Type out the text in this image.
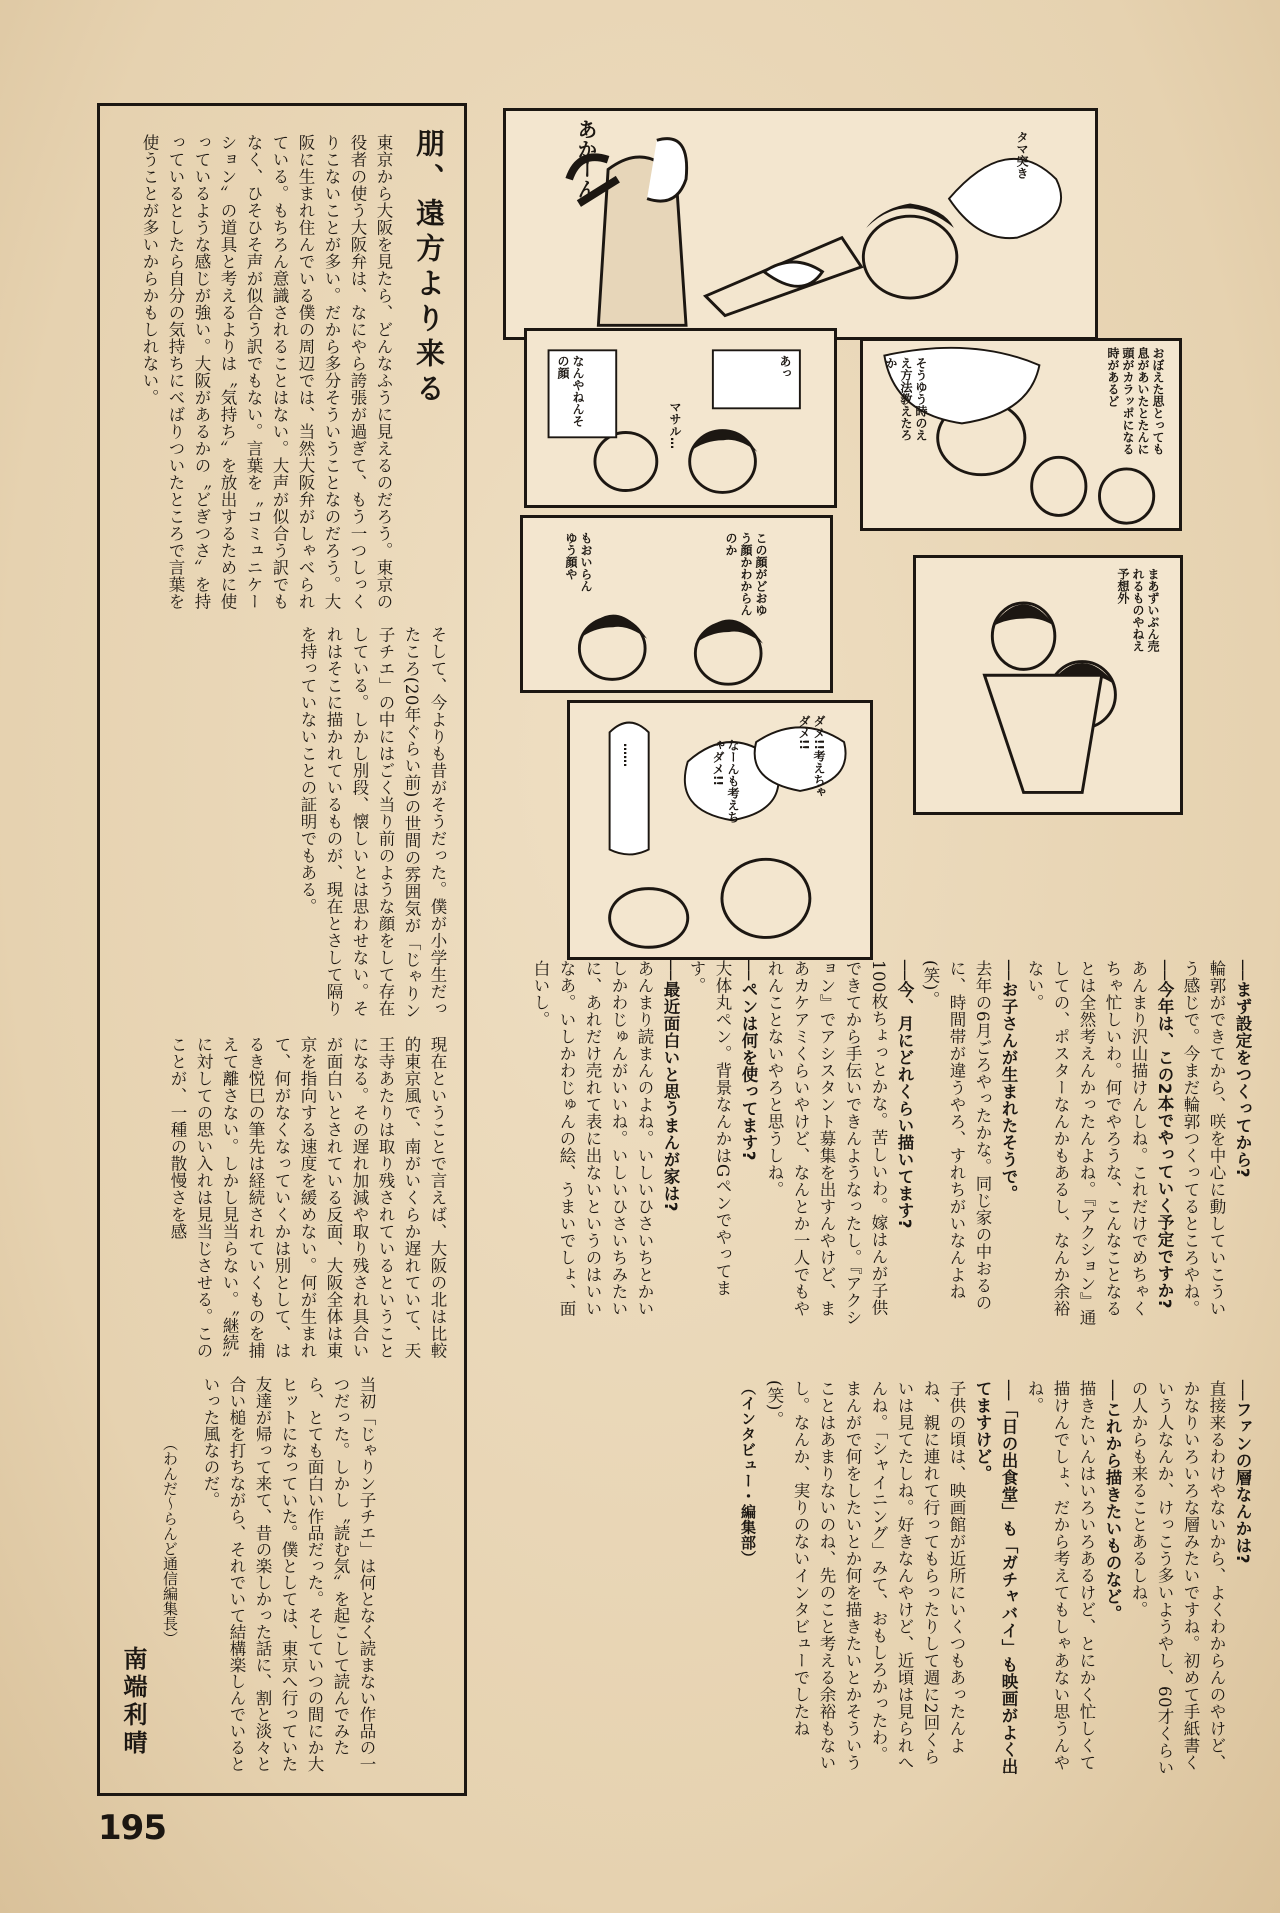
朋、遠方より来る

東京から大阪を見たら、どんなふうに見えるのだろう。東京の役者の使う大阪弁は、なにやら誇張が過ぎて、もう一つしっくりこないことが多い。だから多分そういうことなのだろう。大阪に生まれ住んでいる僕の周辺では、当然大阪弁がしゃべられている。もちろん意識されることはない。大声が似合う訳でもなく、ひそひそ声が似合う訳でもない。言葉を〝コミュニケーション〟の道具と考えるよりは〝気持ち〟を放出するために使っているような感じが強い。大阪があるかの〝どぎつさ〟を持っているとしたら自分の気持ちにべばりついたところで言葉を使うことが多いからかもしれない。

そして、今よりも昔がそうだった。僕が小学生だったころ(20年ぐらい前)の世間の雰囲気が「じゃりン子チエ」の中にはごく当り前のような顔をして存在している。しかし別段、懐しいとは思わせない。それはそこに描かれているものが、現在とさして隔りを持っていないことの証明でもある。

現在ということで言えば、大阪の北は比較的東京風で、南がいくらか遅れていて、天王寺あたりは取り残されているということになる。その遅れ加減や取り残され具合いが面白いとされている反面、大阪全体は東京を指向する速度を緩めない。何が生まれて、何がなくなっていくかは別として、はるき悦巳の筆先は経続されていくものを捕えて離さない。しかし見当らない。〝継続〟に対しての思い入れは見当じさせる。このことが、一種の散慢さを感

当初「じゃりン子チエ」は何となく読まない作品の一つだった。しかし〝読む気〟を起こして読んでみたら、とても面白い作品だった。そしていつの間にか大ヒットになっていた。僕としては、東京へ行っていた友達が帰って来て、昔の楽しかった話に、割と淡々と合い槌を打ちながら、それでいて結構楽しんでいるといった風なのだ。

（わんだ〜らんど通信編集長）

南端利晴
あかーん	タマ突き
なんやねんその顔	あっ
マサル…	おぼえた思とっても息があいたとたんに頭がカラッポになる時があるど
そうゆう時のええ方法教えたろか
この顔がどおゆう顔かわからんのか
もおいらんゆう顔や
まあずいぶん売れるものやねえ予想外
ダメ!!考えちゃダメ!!
なーんも考えちゃダメ!!
……
──まず設定をつくってから?
輪郭ができてから、咲を中心に動していこういう感じで。今まだ輪郭つくってるところやね。
──今年は、この2本でやっていく予定ですか?
あんまり沢山描けんしね。これだけでめちゃくちゃ忙しいわ。何でやろうな、こんなことなるとは全然考えんかったんよね。『アクション』通しての、ポスターなんかもあるし、なんか余裕ない。
──お子さんが生まれたそうで。
去年の6月ごろやったかな。同じ家の中おるのに、時間帯が違うやろ、すれちがいなんよね(笑)。
──今、月にどれくらい描いてます?
100枚ちょっとかな。苦しいわ。嫁はんが子供できてから手伝いできんようなったし。『アクション』でアシスタント募集を出すんやけど、まあカケアミくらいやけど、なんとか一人でもやれんことないやろと思うしね。
──ペンは何を使ってます?
大体丸ペン。背景なんかはGペンでやってます。
──最近面白いと思うまんが家は?
あんまり読まんのよね。いしいひさいちとかいしかわじゅんがいいね。いしいひさいちみたいに、あれだけ売れて表に出ないというのはいいなあ。いしかわじゅんの絵、うまいでしょ、面白いし。
──ファンの層なんかは?
直接来るわけやないから、よくわからんのやけど、かなりいろいろな層みたいですね。初めて手紙書くいう人なんか、けっこう多いようやし、60才くらいの人からも来ることあるしね。
──これから描きたいものなど。
描きたいんはいろいろあるけど、とにかく忙しくて描けんでしょ、だから考えてもしゃあない思うんやね。
──「日の出食堂」も「ガチャバイ」も映画がよく出てますけど。
子供の頃は、映画館が近所にいくつもあったんよね、親に連れて行ってもらったりして週に2回くらいは見てたしね。好きなんやけど、近頃は見られへんね。「シャイニング」みて、おもしろかったわ。
まんがで何をしたいとか何を描きたいとかそういうことはあまりないのね、先のこと考える余裕もないし。なんか、実りのないインタビューでしたね(笑)。
（インタビュー・編集部）
195
